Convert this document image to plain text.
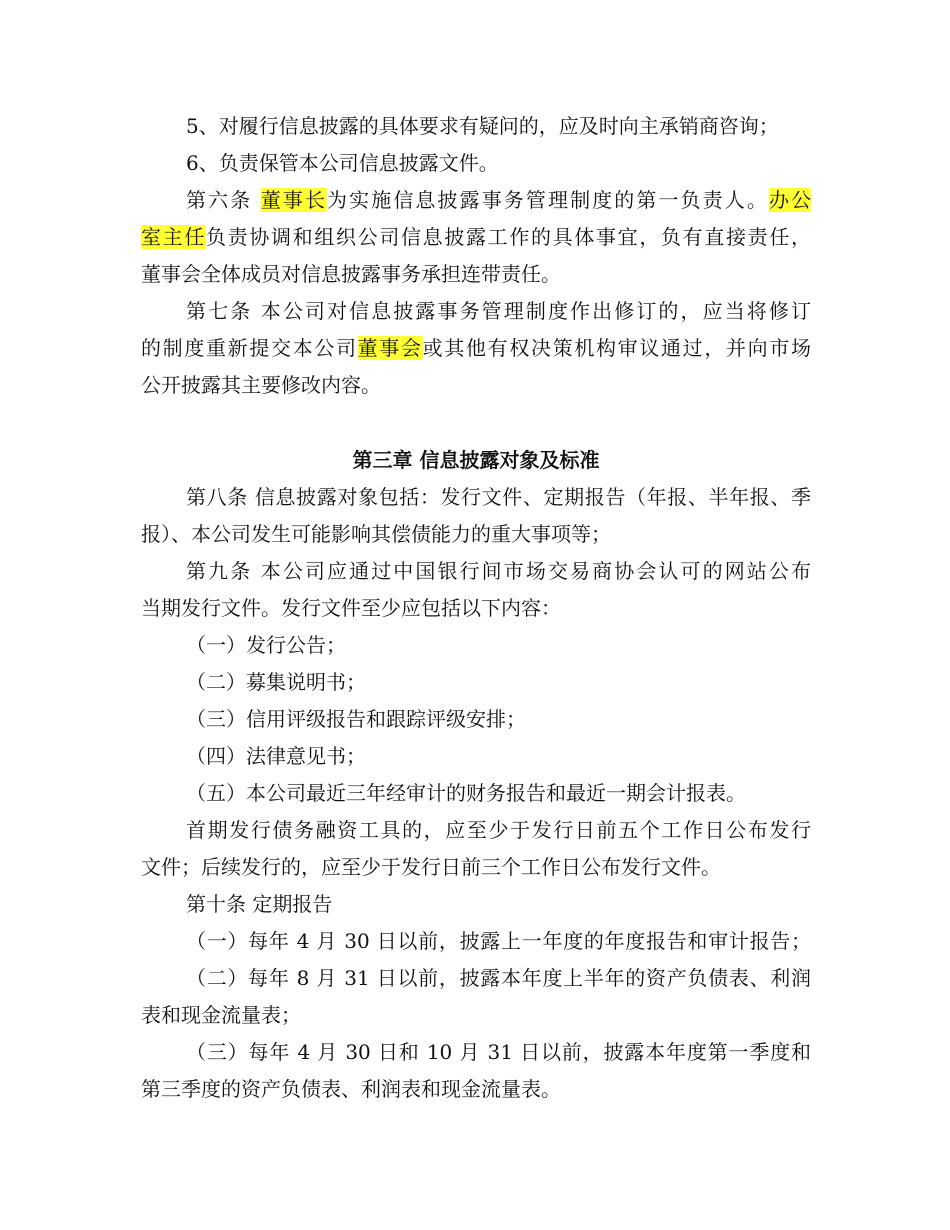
5、对履行信息披露的具体要求有疑问的，应及时向主承销商咨询；
6、负责保管本公司信息披露文件。
第六条 董事长为实施信息披露事务管理制度的第一负责人。办公
室主任负责协调和组织公司信息披露工作的具体事宜，负有直接责任，
董事会全体成员对信息披露事务承担连带责任。
第七条 本公司对信息披露事务管理制度作出修订的，应当将修订
的制度重新提交本公司董事会或其他有权决策机构审议通过，并向市场
公开披露其主要修改内容。
第三章 信息披露对象及标准
第八条 信息披露对象包括：发行文件、定期报告（年报、半年报、季
报）、本公司发生可能影响其偿债能力的重大事项等；
第九条 本公司应通过中国银行间市场交易商协会认可的网站公布
当期发行文件。发行文件至少应包括以下内容：
（一）发行公告；
（二）募集说明书；
（三）信用评级报告和跟踪评级安排；
（四）法律意见书；
（五）本公司最近三年经审计的财务报告和最近一期会计报表。
首期发行债务融资工具的，应至少于发行日前五个工作日公布发行
文件；后续发行的，应至少于发行日前三个工作日公布发行文件。
第十条 定期报告
（一）每年 4 月 30 日以前，披露上一年度的年度报告和审计报告；
（二）每年 8 月 31 日以前，披露本年度上半年的资产负债表、利润
表和现金流量表；
（三）每年 4 月 30 日和 10 月 31 日以前，披露本年度第一季度和
第三季度的资产负债表、利润表和现金流量表。
